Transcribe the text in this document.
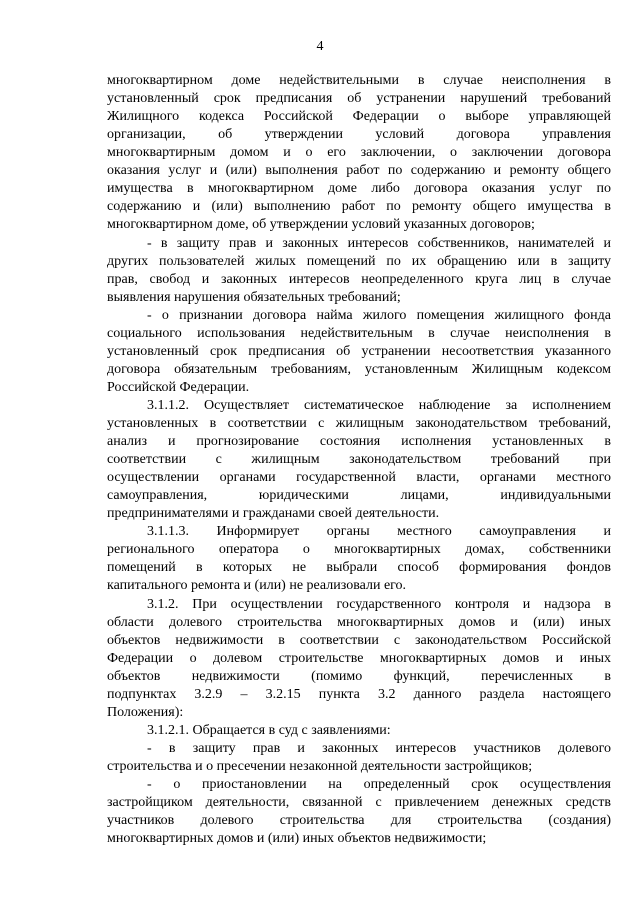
4
многоквартирном доме недействительными в случае неисполнения в
установленный срок предписания об устранении нарушений требований
Жилищного кодекса Российской Федерации о выборе управляющей
организации, об утверждении условий договора управления
многоквартирным домом и о его заключении, о заключении договора
оказания услуг и (или) выполнения работ по содержанию и ремонту общего
имущества в многоквартирном доме либо договора оказания услуг по
содержанию и (или) выполнению работ по ремонту общего имущества в
многоквартирном доме, об утверждении условий указанных договоров;
- в защиту прав и законных интересов собственников, нанимателей и
других пользователей жилых помещений по их обращению или в защиту
прав, свобод и законных интересов неопределенного круга лиц в случае
выявления нарушения обязательных требований;
- о признании договора найма жилого помещения жилищного фонда
социального использования недействительным в случае неисполнения в
установленный срок предписания об устранении несоответствия указанного
договора обязательным требованиям, установленным Жилищным кодексом
Российской Федерации.
3.1.1.2. Осуществляет систематическое наблюдение за исполнением
установленных в соответствии с жилищным законодательством требований,
анализ и прогнозирование состояния исполнения установленных в
соответствии с жилищным законодательством требований при
осуществлении органами государственной власти, органами местного
самоуправления, юридическими лицами, индивидуальными
предпринимателями и гражданами своей деятельности.
3.1.1.3. Информирует органы местного самоуправления и
регионального оператора о многоквартирных домах, собственники
помещений в которых не выбрали способ формирования фондов
капитального ремонта и (или) не реализовали его.
3.1.2. При осуществлении государственного контроля и надзора в
области долевого строительства многоквартирных домов и (или) иных
объектов недвижимости в соответствии с законодательством Российской
Федерации о долевом строительстве многоквартирных домов и иных
объектов недвижимости (помимо функций, перечисленных в
подпунктах 3.2.9 – 3.2.15 пункта 3.2 данного раздела настоящего
Положения):
3.1.2.1. Обращается в суд с заявлениями:
- в защиту прав и законных интересов участников долевого
строительства и о пресечении незаконной деятельности застройщиков;
- о приостановлении на определенный срок осуществления
застройщиком деятельности, связанной с привлечением денежных средств
участников долевого строительства для строительства (создания)
многоквартирных домов и (или) иных объектов недвижимости;
